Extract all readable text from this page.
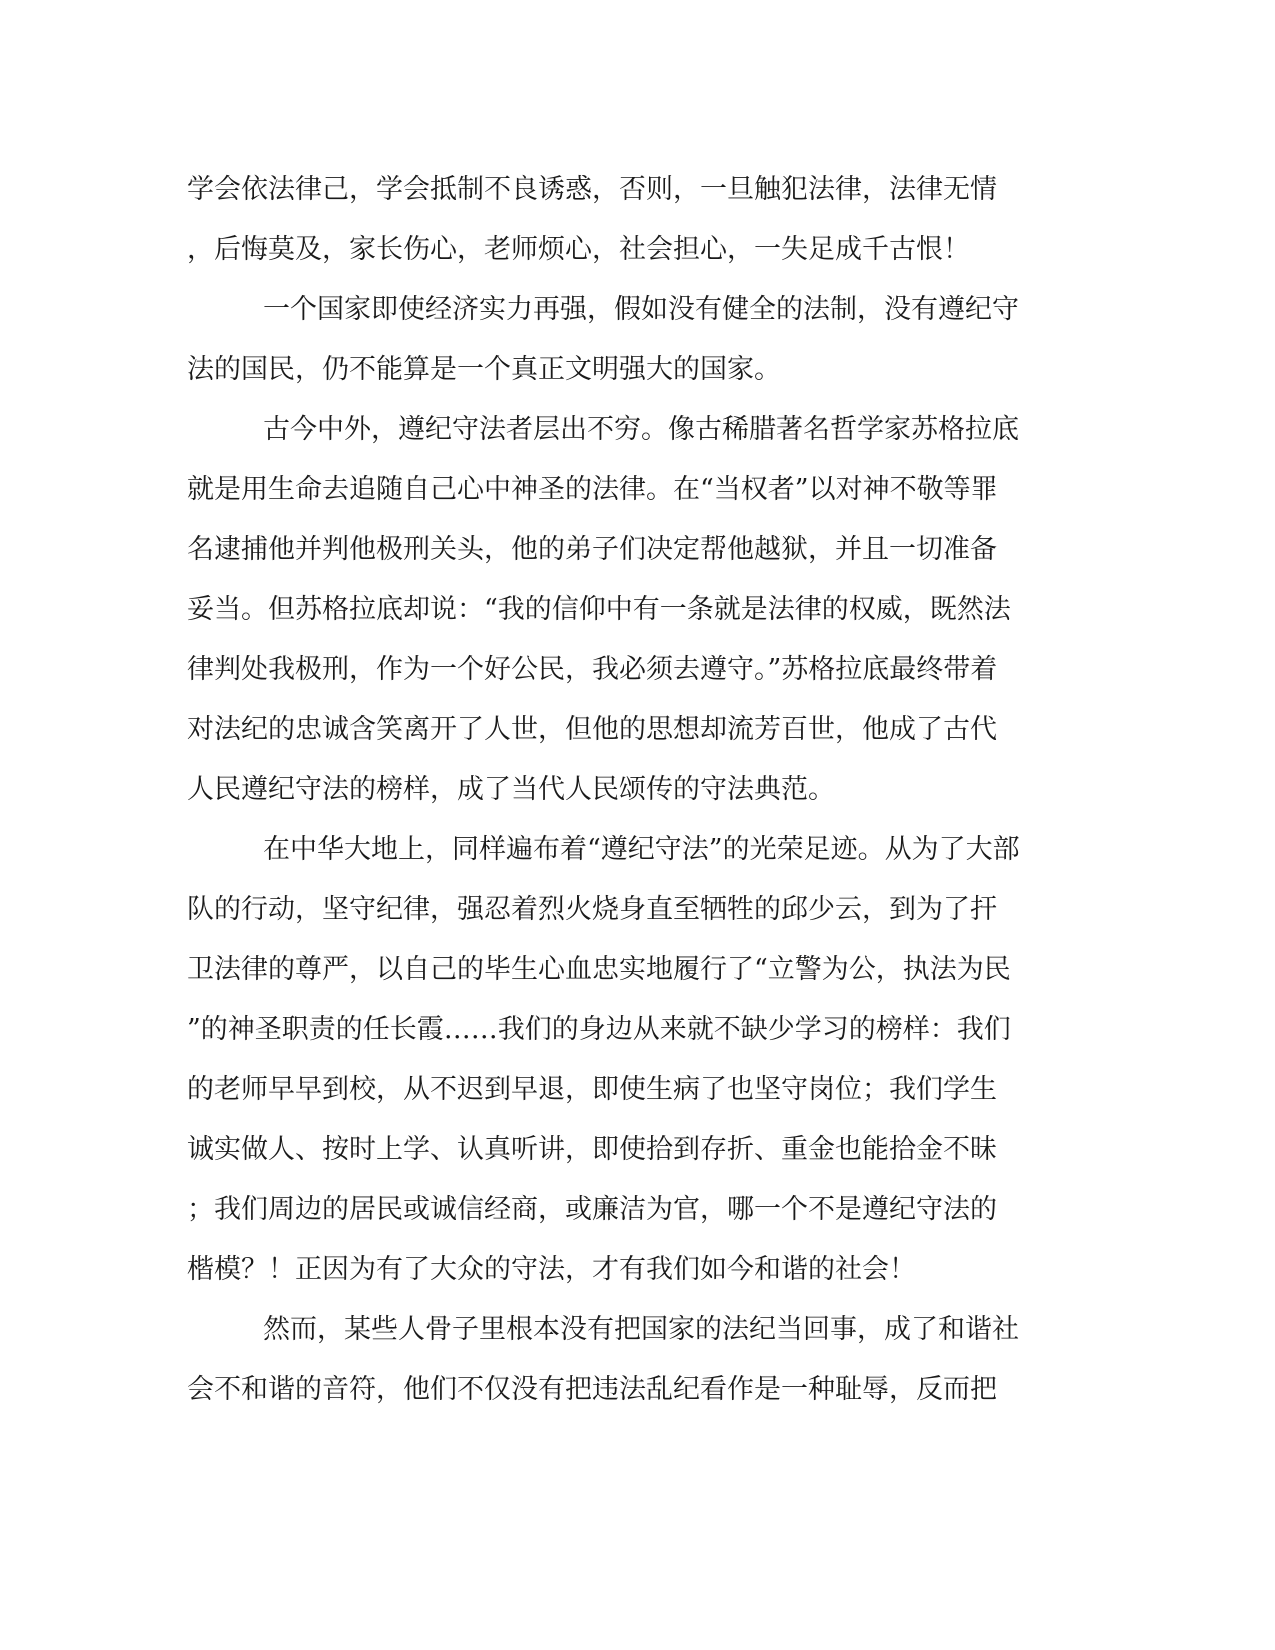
学会依法律己，学会抵制不良诱惑，否则，一旦触犯法律，法律无情
，后悔莫及，家长伤心，老师烦心，社会担心，一失足成千古恨！
一个国家即使经济实力再强，假如没有健全的法制，没有遵纪守
法的国民，仍不能算是一个真正文明强大的国家。
古今中外，遵纪守法者层出不穷。像古稀腊著名哲学家苏格拉底
就是用生命去追随自己心中神圣的法律。在“当权者”以对神不敬等罪
名逮捕他并判他极刑关头，他的弟子们决定帮他越狱，并且一切准备
妥当。但苏格拉底却说：“我的信仰中有一条就是法律的权威，既然法
律判处我极刑，作为一个好公民，我必须去遵守。”苏格拉底最终带着
对法纪的忠诚含笑离开了人世，但他的思想却流芳百世，他成了古代
人民遵纪守法的榜样，成了当代人民颂传的守法典范。
在中华大地上，同样遍布着“遵纪守法”的光荣足迹。从为了大部
队的行动，坚守纪律，强忍着烈火烧身直至牺牲的邱少云，到为了扞
卫法律的尊严，以自己的毕生心血忠实地履行了“立警为公，执法为民
”的神圣职责的任长霞……我们的身边从来就不缺少学习的榜样：我们
的老师早早到校，从不迟到早退，即使生病了也坚守岗位；我们学生
诚实做人、按时上学、认真听讲，即使拾到存折、重金也能拾金不昧
；我们周边的居民或诚信经商，或廉洁为官，哪一个不是遵纪守法的
楷模？！正因为有了大众的守法，才有我们如今和谐的社会！
然而，某些人骨子里根本没有把国家的法纪当回事，成了和谐社
会不和谐的音符，他们不仅没有把违法乱纪看作是一种耻辱，反而把
